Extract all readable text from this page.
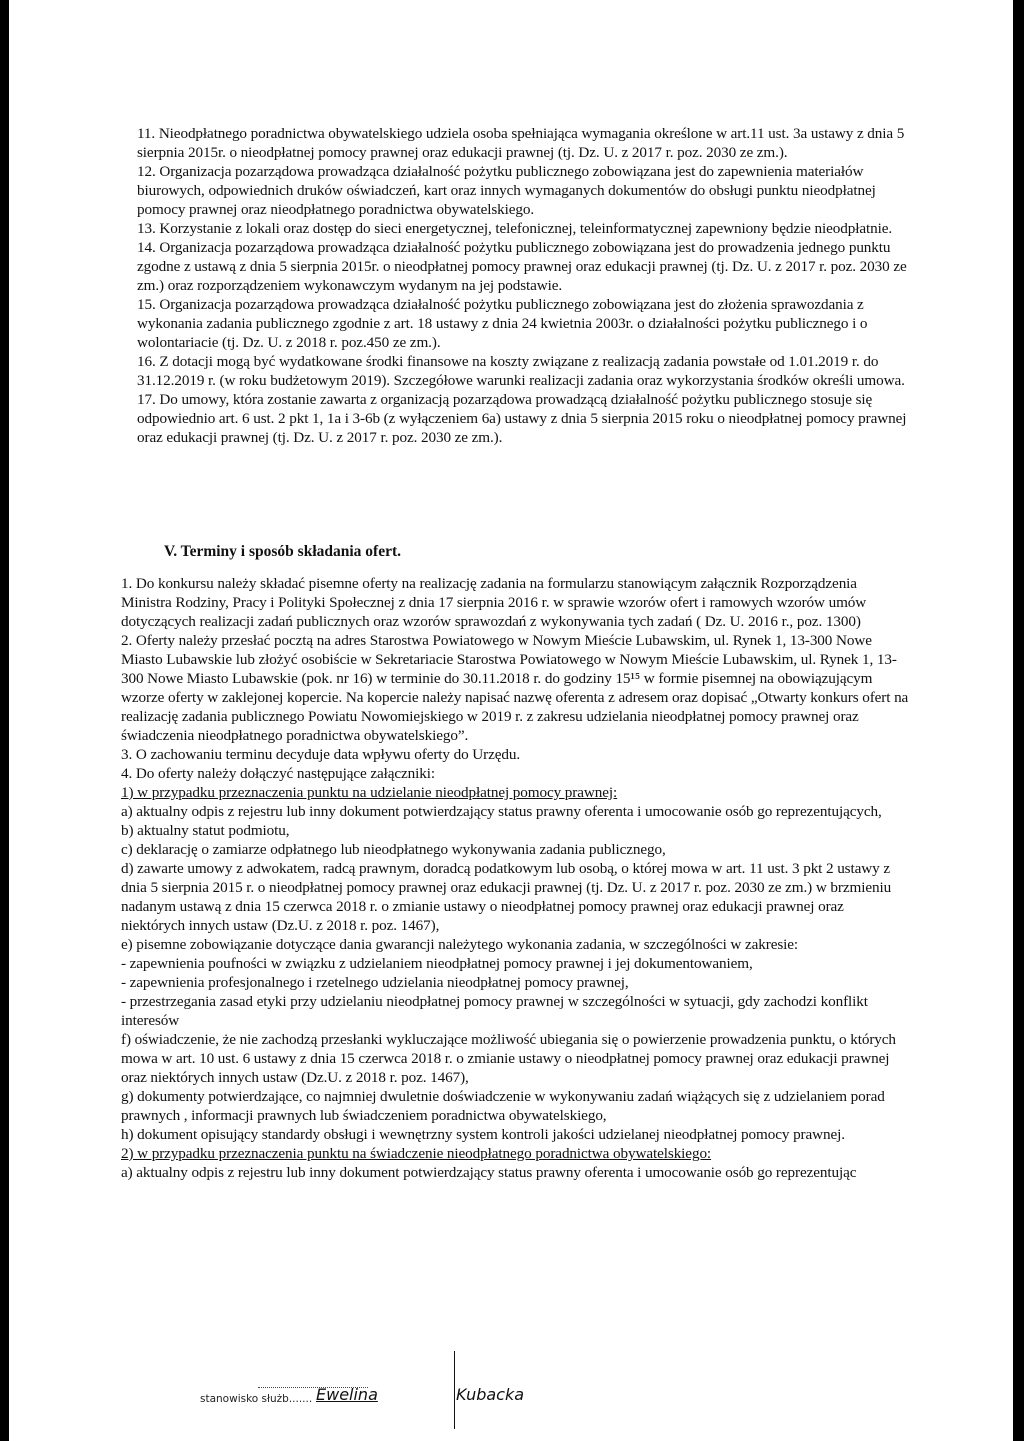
11. Nieodpłatnego poradnictwa obywatelskiego udziela osoba spełniająca wymagania określone w art.11 ust. 3a ustawy z dnia 5 sierpnia 2015r. o nieodpłatnej pomocy prawnej oraz edukacji prawnej (tj. Dz. U. z 2017 r. poz. 2030 ze zm.).

12. Organizacja pozarządowa prowadząca działalność pożytku publicznego zobowiązana jest do zapewnienia materiałów biurowych, odpowiednich druków oświadczeń, kart oraz innych wymaganych dokumentów do obsługi punktu nieodpłatnej pomocy prawnej oraz nieodpłatnego poradnictwa obywatelskiego.

13. Korzystanie z lokali oraz dostęp do sieci energetycznej, telefonicznej, teleinformatycznej zapewniony będzie nieodpłatnie.

14. Organizacja pozarządowa prowadząca działalność pożytku publicznego zobowiązana jest do prowadzenia jednego punktu zgodne z ustawą z dnia 5 sierpnia 2015r. o nieodpłatnej pomocy prawnej oraz edukacji prawnej (tj. Dz. U. z 2017 r. poz. 2030 ze zm.) oraz rozporządzeniem wykonawczym wydanym na jej podstawie.

15. Organizacja pozarządowa prowadząca działalność pożytku publicznego zobowiązana jest do złożenia sprawozdania z wykonania zadania publicznego zgodnie z art. 18 ustawy z dnia 24 kwietnia 2003r. o działalności pożytku publicznego i o wolontariacie (tj. Dz. U. z 2018 r. poz.450 ze zm.).

16. Z dotacji mogą być wydatkowane środki finansowe na koszty związane z realizacją zadania powstałe od 1.01.2019 r. do 31.12.2019 r. (w roku budżetowym 2019). Szczegółowe warunki realizacji zadania oraz wykorzystania środków określi umowa.

17. Do umowy, która zostanie zawarta z organizacją pozarządowa prowadzącą działalność pożytku publicznego stosuje się odpowiednio art. 6 ust. 2 pkt 1, 1a i 3-6b (z wyłączeniem 6a) ustawy z dnia 5 sierpnia 2015 roku o nieodpłatnej pomocy prawnej oraz edukacji prawnej (tj. Dz. U. z 2017 r. poz. 2030 ze zm.).

V. Terminy i sposób składania ofert.

1. Do konkursu należy składać pisemne oferty na realizację zadania na formularzu stanowiącym załącznik Rozporządzenia Ministra Rodziny, Pracy i Polityki Społecznej z dnia 17 sierpnia 2016 r. w sprawie wzorów ofert i ramowych wzorów umów dotyczących realizacji zadań publicznych oraz wzorów sprawozdań z wykonywania tych zadań ( Dz. U. 2016 r., poz. 1300)

2. Oferty należy przesłać pocztą na adres Starostwa Powiatowego w Nowym Mieście Lubawskim, ul. Rynek 1, 13-300 Nowe Miasto Lubawskie lub złożyć osobiście w Sekretariacie Starostwa Powiatowego w Nowym Mieście Lubawskim, ul. Rynek 1, 13-300 Nowe Miasto Lubawskie (pok. nr 16) w terminie do 30.11.2018 r. do godziny 15¹⁵ w formie pisemnej na obowiązującym wzorze oferty w zaklejonej kopercie. Na kopercie należy napisać nazwę oferenta z adresem oraz dopisać „Otwarty konkurs ofert na realizację zadania publicznego Powiatu Nowomiejskiego w 2019 r. z zakresu udzielania nieodpłatnej pomocy prawnej oraz świadczenia nieodpłatnego poradnictwa obywatelskiego”.

3. O zachowaniu terminu decyduje data wpływu oferty do Urzędu.

4. Do oferty należy dołączyć następujące załączniki:

1) w przypadku przeznaczenia punktu na udzielanie nieodpłatnej pomocy prawnej:

a) aktualny odpis z rejestru lub inny dokument potwierdzający status prawny oferenta i umocowanie osób go reprezentujących,

b) aktualny statut podmiotu,

c) deklarację o zamiarze odpłatnego lub nieodpłatnego wykonywania zadania publicznego,

d) zawarte umowy z adwokatem, radcą prawnym, doradcą podatkowym lub osobą, o której mowa w art. 11 ust. 3 pkt 2 ustawy z dnia 5 sierpnia 2015 r. o nieodpłatnej pomocy prawnej oraz edukacji prawnej (tj. Dz. U. z 2017 r. poz. 2030 ze zm.) w brzmieniu nadanym ustawą z dnia 15 czerwca 2018 r. o zmianie ustawy o nieodpłatnej pomocy prawnej oraz edukacji prawnej oraz niektórych innych ustaw (Dz.U. z 2018 r. poz. 1467),

e) pisemne zobowiązanie dotyczące dania gwarancji należytego wykonania zadania, w szczególności w zakresie:

- zapewnienia poufności w związku z udzielaniem nieodpłatnej pomocy prawnej i jej dokumentowaniem,

- zapewnienia profesjonalnego i rzetelnego udzielania nieodpłatnej pomocy prawnej,

- przestrzegania zasad etyki przy udzielaniu nieodpłatnej pomocy prawnej w szczególności w sytuacji, gdy zachodzi konflikt interesów

f) oświadczenie, że nie zachodzą przesłanki wykluczające możliwość ubiegania się o powierzenie prowadzenia punktu, o których mowa w art. 10 ust. 6 ustawy z dnia 15 czerwca 2018 r. o zmianie ustawy o nieodpłatnej pomocy prawnej oraz edukacji prawnej oraz niektórych innych ustaw (Dz.U. z 2018 r. poz. 1467),

g) dokumenty potwierdzające, co najmniej dwuletnie doświadczenie w wykonywaniu zadań wiążących się z udzielaniem porad prawnych , informacji prawnych lub świadczeniem poradnictwa obywatelskiego,

h) dokument opisujący standardy obsługi i wewnętrzny system kontroli jakości udzielanej nieodpłatnej pomocy prawnej.

2) w przypadku przeznaczenia punktu na świadczenie nieodpłatnego poradnictwa obywatelskiego:

a) aktualny odpis z rejestru lub inny dokument potwierdzający status prawny oferenta i umocowanie osób go reprezentując

stanowisko służb....... Ewelina	Kubacka
